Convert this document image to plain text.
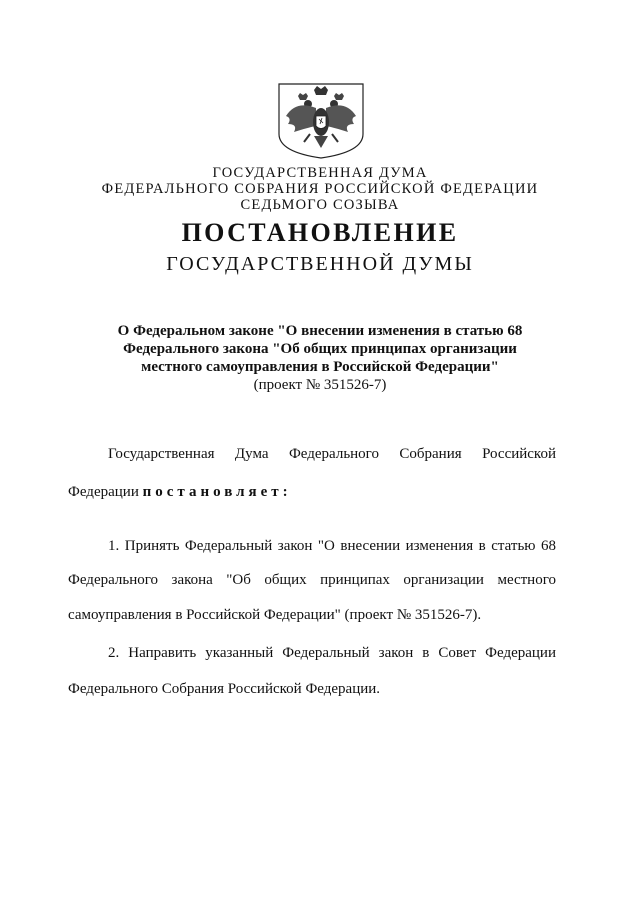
ГОСУДАРСТВЕННАЯ ДУМА
ФЕДЕРАЛЬНОГО СОБРАНИЯ РОССИЙСКОЙ ФЕДЕРАЦИИ
СЕДЬМОГО СОЗЫВА
ПОСТАНОВЛЕНИЕ
ГОСУДАРСТВЕННОЙ ДУМЫ
О Федеральном законе "О внесении изменения в статью 68
Федерального закона "Об общих принципах организации
местного самоуправления в Российской Федерации"
(проект № 351526-7)
Государственная Дума Федерального Собрания Российской
Федерации постановляет:
1. Принять Федеральный закон "О внесении изменения в статью 68
Федерального закона "Об общих принципах организации местного
самоуправления в Российской Федерации" (проект № 351526-7).
2. Направить указанный Федеральный закон в Совет Федерации
Федерального Собрания Российской Федерации.
